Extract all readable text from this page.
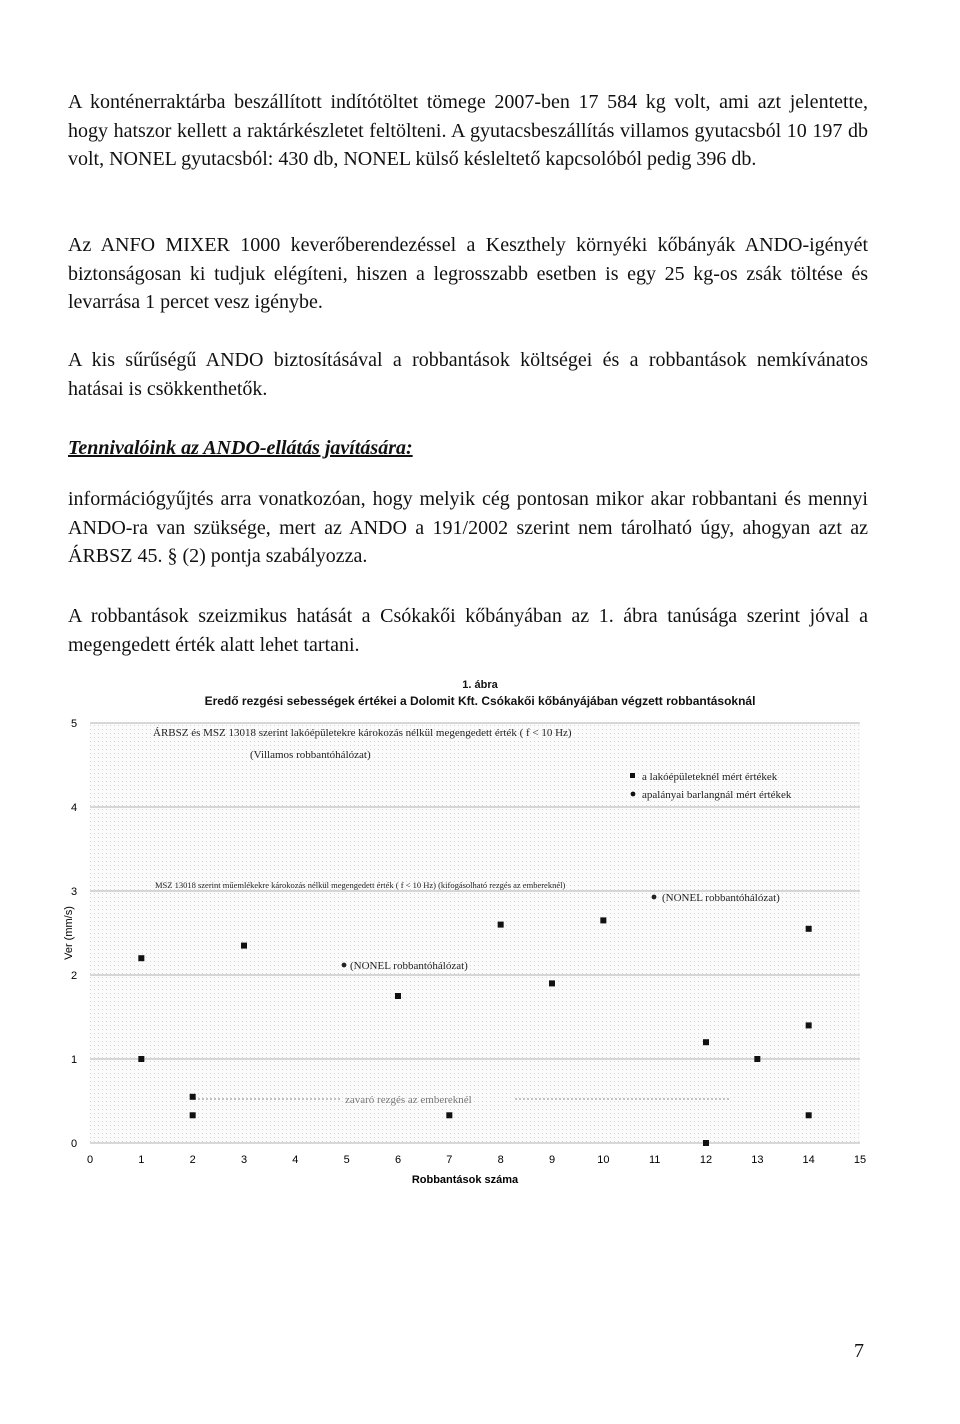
A konténerraktárba beszállított indítótöltet tömege 2007-ben 17 584 kg volt, ami azt jelentette, hogy hatszor kellett a raktárkészletet feltölteni. A gyutacsbeszállítás villamos gyutacsból 10 197 db volt, NONEL gyutacsból: 430 db, NONEL külső késleltető kapcsolóból pedig 396 db.

Az ANFO MIXER 1000 keverőberendezéssel a Keszthely környéki kőbányák ANDO-igényét biztonságosan ki tudjuk elégíteni, hiszen a legrosszabb esetben is egy 25 kg-os zsák töltése és levarrása 1 percet vesz igénybe.

A kis sűrűségű ANDO biztosításával a robbantások költségei és a robbantások nemkívánatos hatásai is csökkenthetők.

Tennivalóink az ANDO-ellátás javítására:

információgyűjtés arra vonatkozóan, hogy melyik cég pontosan mikor akar robbantani és mennyi ANDO-ra van szüksége, mert az ANDO a 191/2002 szerint nem tárolható úgy, ahogyan azt az ÁRBSZ 45. § (2) pontja szabályozza.

A robbantások szeizmikus hatását a Csókakői kőbányában az 1. ábra tanúsága szerint jóval a megengedett érték alatt lehet tartani.

1. ábra
Eredő rezgési sebességek értékei a Dolomit Kft. Csókakői kőbányájában végzett robbantásoknál
0
1
2
3
4
5
0	1	2	3	4	5	6	7	8	9	10	11	12	13	14	15
Ver (mm/s)
Robbantások száma
ÁRBSZ és MSZ 13018 szerint lakóépületekre károkozás nélkül megengedett érték ( f < 10 Hz)
(Villamos robbantóhálózat)
MSZ 13018 szerint műemlékekre károkozás nélkül megengedett érték ( f < 10 Hz) (kifogásolható rezgés az embereknél)
(NONEL robbantóhálózat)
(NONEL robbantóhálózat)
zavaró rezgés az embereknél
a lakóépületeknél mért értékek
apalányai barlangnál mért értékek
7
